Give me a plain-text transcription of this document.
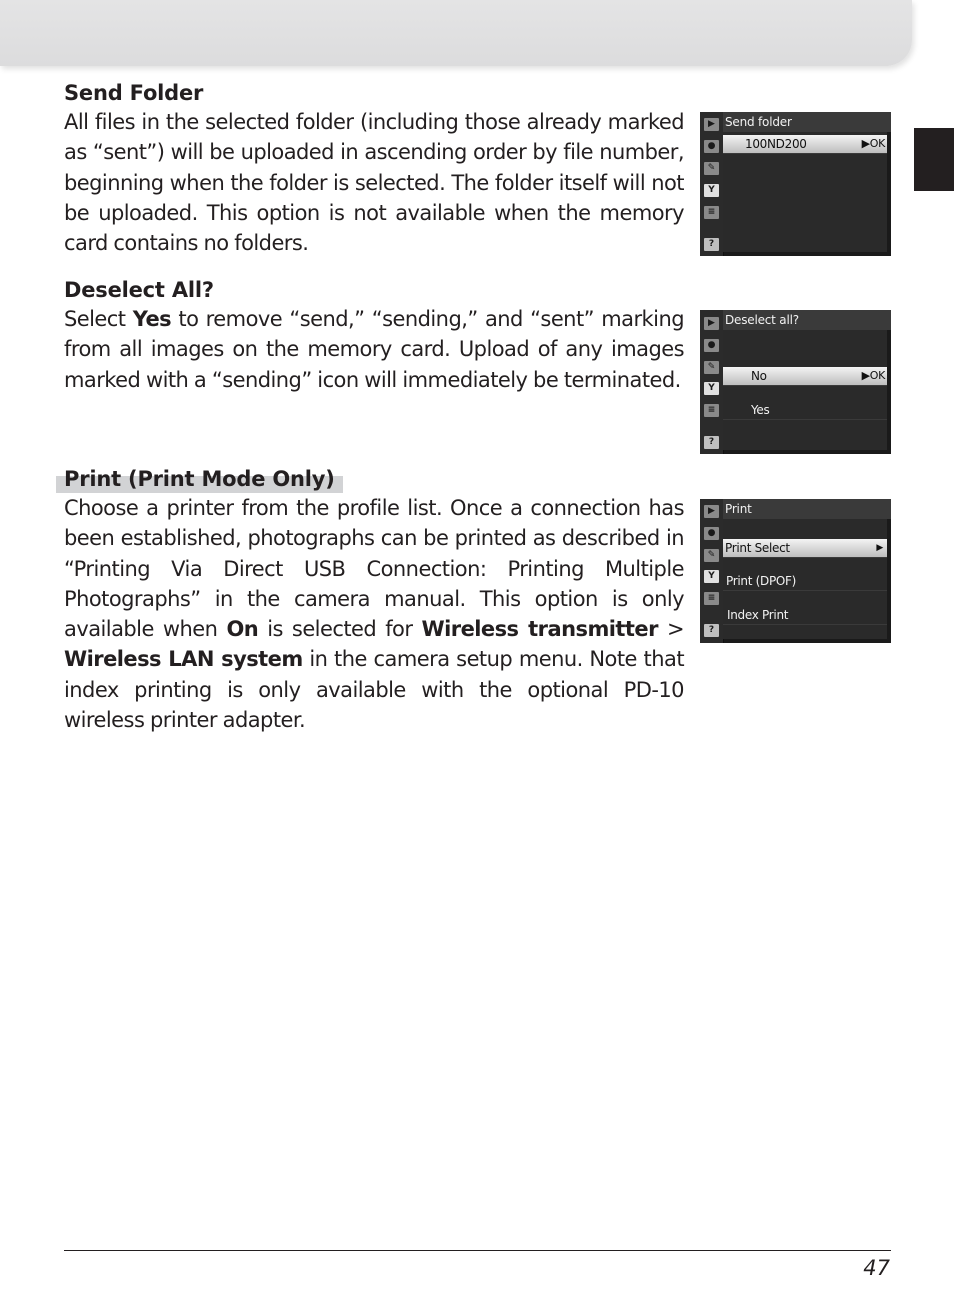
Send Folder

All files in the selected folder (including those already marked as “sent”) will be uploaded in ascending order by file number, beginning when the folder is selected. The folder itself will not be uploaded. This option is not available when the memory card contains no folders.

Deselect All?

Select Yes to remove “send,” “sending,” and “sent” marking from all images on the memory card. Upload of any images marked with a “sending” icon will immediately be terminated.

Print (Print Mode Only)

Choose a printer from the profile list. Once a connection has been established, photographs can be printed as described in “Printing Via Direct USB Connection: Printing Multiple Photographs” in the camera manual. This option is only available when On is selected for Wireless transmitter > Wireless LAN system in the camera setup menu. Note that index printing is only available with the optional PD-10 wireless printer adapter.

▶
●
✎
Y
≡
?
Send folder
100ND200	▶OK
▶
●
✎
Y
≡
?
Deselect all?
No	▶OK
Yes
▶
●
✎
Y
≡
?
Print
Print Select	▶
Print (DPOF)
Index Print
47
